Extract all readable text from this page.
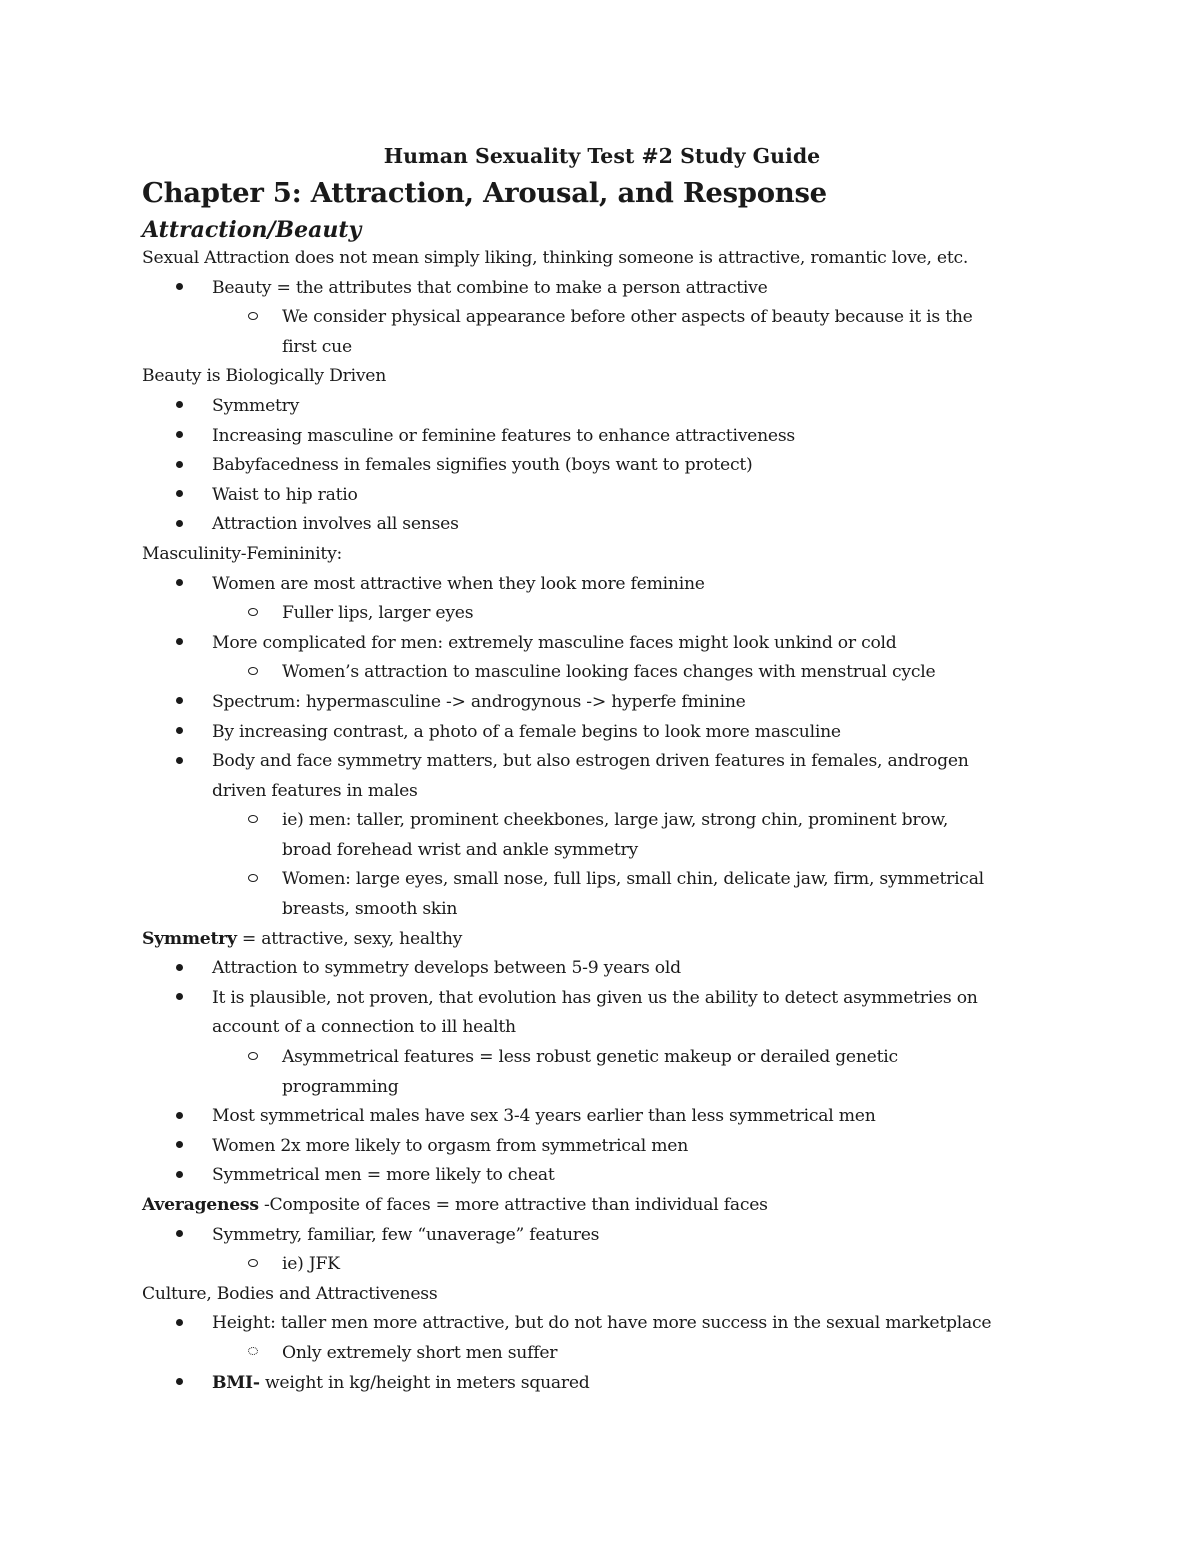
Human Sexuality Test #2 Study Guide

Chapter 5: Attraction, Arousal, and Response

Attraction/Beauty

Sexual Attraction does not mean simply liking, thinking someone is attractive, romantic love, etc.

Beauty = the attributes that combine to make a person attractive
We consider physical appearance before other aspects of beauty because it is the

first cue

Beauty is Biologically Driven

Symmetry
Increasing masculine or feminine features to enhance attractiveness
Babyfacedness in females signifies youth (boys want to protect)
Waist to hip ratio
Attraction involves all senses

Masculinity-Femininity:

Women are most attractive when they look more feminine
Fuller lips, larger eyes
More complicated for men: extremely masculine faces might look unkind or cold
Women’s attraction to masculine looking faces changes with menstrual cycle
Spectrum: hypermasculine -> androgynous -> hyperfe fminine
By increasing contrast, a photo of a female begins to look more masculine
Body and face symmetry matters, but also estrogen driven features in females, androgen

driven features in males

ie) men: taller, prominent cheekbones, large jaw, strong chin, prominent brow,

broad forehead wrist and ankle symmetry

Women: large eyes, small nose, full lips, small chin, delicate jaw, firm, symmetrical

breasts, smooth skin

Symmetry = attractive, sexy, healthy

Attraction to symmetry develops between 5-9 years old
It is plausible, not proven, that evolution has given us the ability to detect asymmetries on

account of a connection to ill health

Asymmetrical features = less robust genetic makeup or derailed genetic

programming

Most symmetrical males have sex 3-4 years earlier than less symmetrical men
Women 2x more likely to orgasm from symmetrical men
Symmetrical men = more likely to cheat

Averageness -Composite of faces = more attractive than individual faces

Symmetry, familiar, few “unaverage” features
ie) JFK

Culture, Bodies and Attractiveness

Height: taller men more attractive, but do not have more success in the sexual marketplace
Only extremely short men suffer
BMI- weight in kg/height in meters squared
